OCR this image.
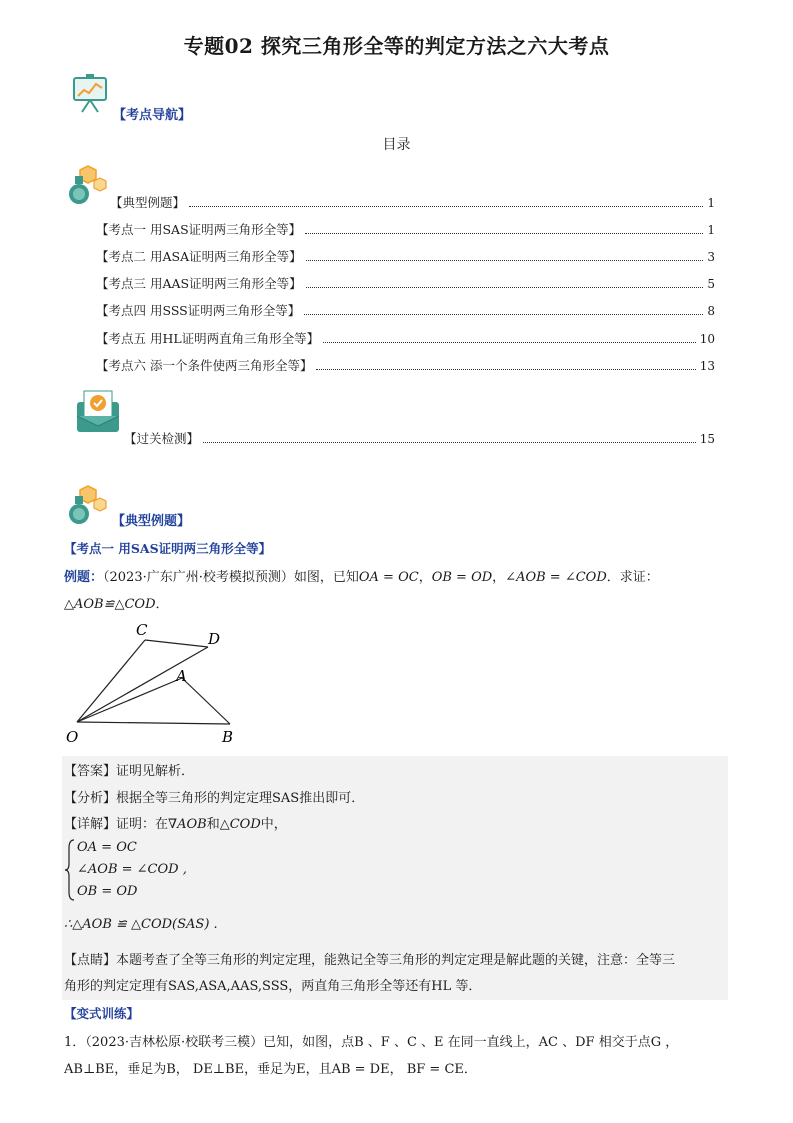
专题02 探究三角形全等的判定方法之六大考点
【考点导航】
目录
【典型例题】	1
【考点一 用SAS证明两三角形全等】	1
【考点二 用ASA证明两三角形全等】	3
【考点三 用AAS证明两三角形全等】	5
【考点四 用SSS证明两三角形全等】	8
【考点五 用HL证明两直角三角形全等】	10
【考点六 添一个条件使两三角形全等】	13
【过关检测】	15
【典型例题】
【考点一 用SAS证明两三角形全等】
例题：（2023·广东广州·校考模拟预测）如图，已知OA = OC，OB = OD，∠AOB = ∠COD．求证：
△AOB≌△COD．
C	D
A
O	B
【答案】证明见解析．
【分析】根据全等三角形的判定定理SAS推出即可．
【详解】证明：在∇AOB和△COD中，
OA = OC
∠AOB = ∠COD ,
OB = OD
∴△AOB ≌ △COD(SAS) .
【点睛】本题考查了全等三角形的判定定理，能熟记全等三角形的判定定理是解此题的关键，注意：全等三
角形的判定定理有SAS,ASA,AAS,SSS，两直角三角形全等还有HL 等．
【变式训练】
1．（2023·吉林松原·校联考三模）已知，如图，点B 、F 、C 、E 在同一直线上，AC 、DF 相交于点G ，
AB⊥BE，垂足为B， DE⊥BE，垂足为E，且AB = DE， BF = CE．
